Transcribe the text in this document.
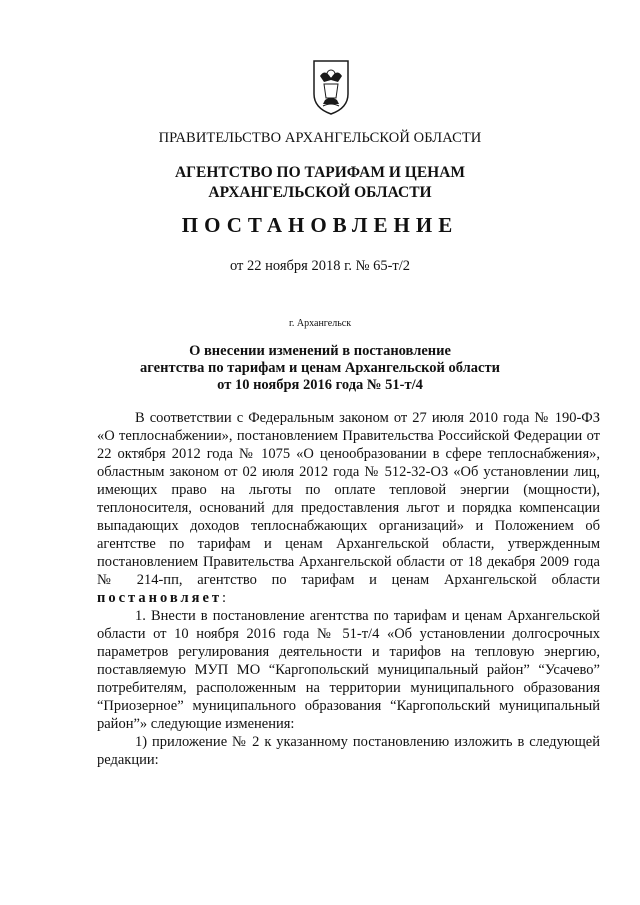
ПРАВИТЕЛЬСТВО АРХАНГЕЛЬСКОЙ ОБЛАСТИ
АГЕНТСТВО ПО ТАРИФАМ И ЦЕНАМ
АРХАНГЕЛЬСКОЙ ОБЛАСТИ
ПОСТАНОВЛЕНИЕ
от 22 ноября 2018 г. № 65-т/2
г. Архангельск
О внесении изменений в постановление
агентства по тарифам и ценам Архангельской области
от 10 ноября 2016 года № 51-т/4

В соответствии с Федеральным законом от 27 июля 2010 года № 190-ФЗ «О теплоснабжении», постановлением Правительства Российской Федерации от 22 октября 2012 года № 1075 «О ценообразовании в сфере теплоснабжения», областным законом от 02 июля 2012 года № 512-32-ОЗ «Об установлении лиц, имеющих право на льготы по оплате тепловой энергии (мощности), теплоносителя, оснований для предоставления льгот и порядка компенсации выпадающих доходов теплоснабжающих организаций» и Положением об агентстве по тарифам и ценам Архангельской области, утвержденным постановлением Правительства Архангельской области от 18 декабря 2009 года № 214-пп, агентство по тарифам и ценам Архангельской области постановляет:

1. Внести в постановление агентства по тарифам и ценам Архангельской области от 10 ноября 2016 года № 51-т/4 «Об установлении долгосрочных параметров регулирования деятельности и тарифов на тепловую энергию, поставляемую МУП МО “Каргопольский муниципальный район” “Усачево” потребителям, расположенным на территории муниципального образования “Приозерное” муниципального образования “Каргопольский муниципальный район”» следующие изменения:

1) приложение № 2 к указанному постановлению изложить в следующей редакции:
